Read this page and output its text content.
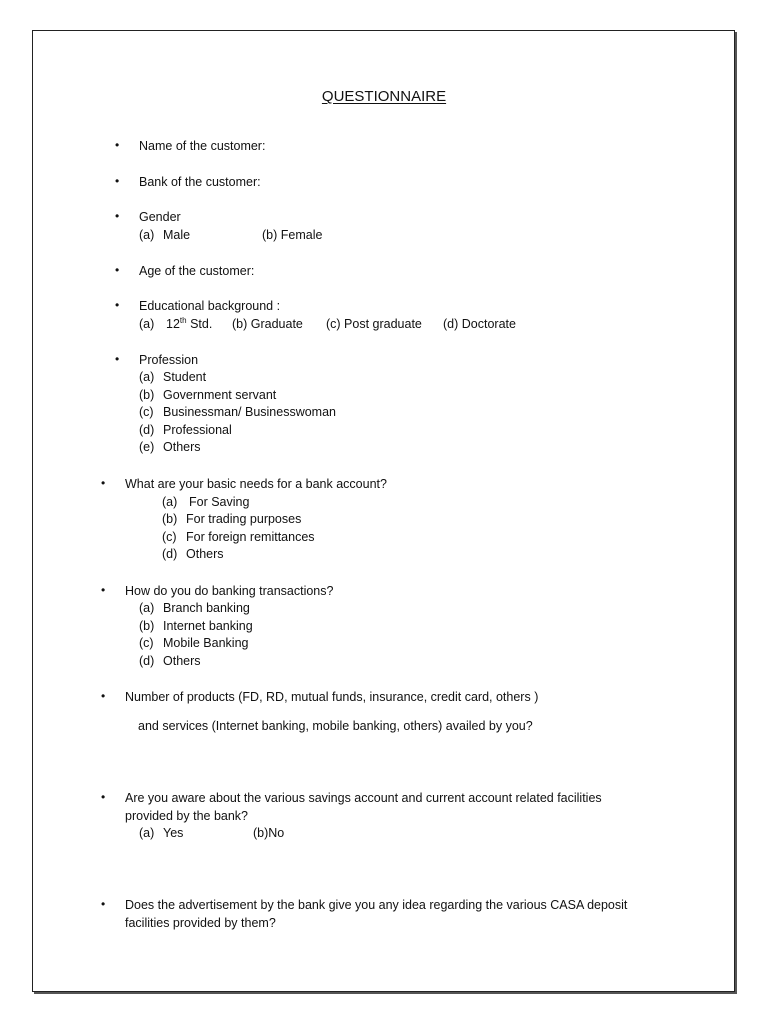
QUESTIONNAIRE
• Name of the customer:
• Bank of the customer:
• Gender
(a) Male	(b) Female
• Age of the customer:
• Educational background :
(a) 12th Std. (b) Graduate (c) Post graduate (d) Doctorate
• Profession
(a) Student
(b) Government servant
(c) Businessman/ Businesswoman
(d) Professional
(e) Others
• What are your basic needs for a bank account?
(a) For Saving
(b) For trading purposes
(c) For foreign remittances
(d) Others
• How do you do banking transactions?
(a) Branch banking
(b) Internet banking
(c) Mobile Banking
(d) Others
• Number of products (FD, RD, mutual funds, insurance, credit card, others )
and services (Internet banking, mobile banking, others) availed by you?
• Are you aware about the various savings account and current account related facilities
provided by the bank?
(a) Yes	(b)No
• Does the advertisement by the bank give you any idea regarding the various CASA deposit
facilities provided by them?
